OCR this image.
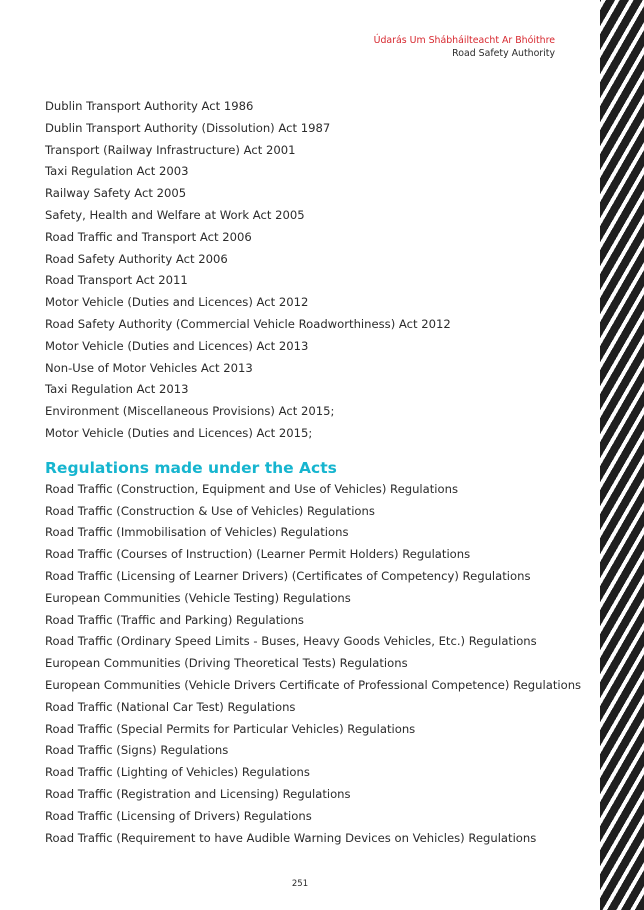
Údarás Um Shábháilteacht Ar Bhóithre
Road Safety Authority
Dublin Transport Authority Act 1986
Dublin Transport Authority (Dissolution) Act 1987
Transport (Railway Infrastructure) Act 2001
Taxi Regulation Act 2003
Railway Safety Act 2005
Safety, Health and Welfare at Work Act 2005
Road Traffic and Transport Act 2006
Road Safety Authority Act 2006
Road Transport Act 2011
Motor Vehicle (Duties and Licences) Act 2012
Road Safety Authority (Commercial Vehicle Roadworthiness) Act 2012
Motor Vehicle (Duties and Licences) Act 2013
Non-Use of Motor Vehicles Act 2013
Taxi Regulation Act 2013
Environment (Miscellaneous Provisions) Act 2015;
Motor Vehicle (Duties and Licences) Act 2015;
Regulations made under the Acts
Road Traffic (Construction, Equipment and Use of Vehicles) Regulations
Road Traffic (Construction & Use of Vehicles) Regulations
Road Traffic (Immobilisation of Vehicles) Regulations
Road Traffic (Courses of Instruction) (Learner Permit Holders) Regulations
Road Traffic (Licensing of Learner Drivers) (Certificates of Competency) Regulations
European Communities (Vehicle Testing) Regulations
Road Traffic (Traffic and Parking) Regulations
Road Traffic (Ordinary Speed Limits - Buses, Heavy Goods Vehicles, Etc.) Regulations
European Communities (Driving Theoretical Tests) Regulations
European Communities (Vehicle Drivers Certificate of Professional Competence) Regulations
Road Traffic (National Car Test) Regulations
Road Traffic (Special Permits for Particular Vehicles) Regulations
Road Traffic (Signs) Regulations
Road Traffic (Lighting of Vehicles) Regulations
Road Traffic (Registration and Licensing) Regulations
Road Traffic (Licensing of Drivers) Regulations
Road Traffic (Requirement to have Audible Warning Devices on Vehicles) Regulations
251
